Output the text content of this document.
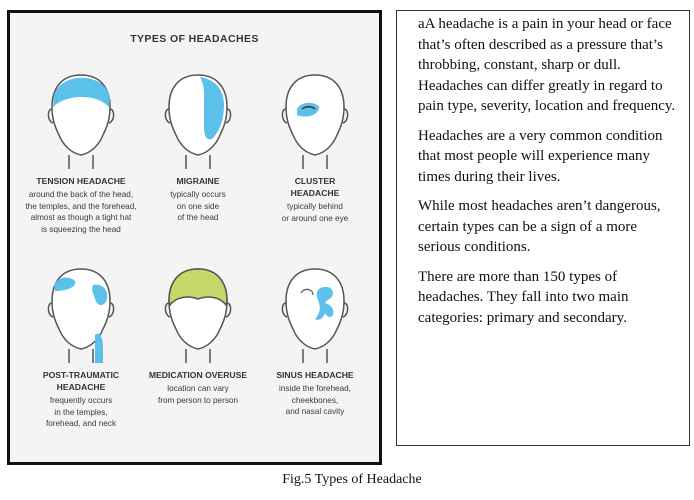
TYPES OF HEADACHES
TENSION HEADACHE
around the back of the head,
the temples, and the forehead,
almost as though a tight hat
is squeezing the head
MIGRAINE
typically occurs
on one side
of the head
CLUSTER
HEADACHE
typically behind
or around one eye
POST-TRAUMATIC
HEADACHE
frequently occurs
in the temples,
forehead, and neck
MEDICATION OVERUSE
location can vary
from person to person
SINUS HEADACHE
inside the forehead,
cheekbones,
and nasal cavity
Fig.5 Types of Headache

aA headache is a pain in your head or face that’s often described as a pressure that’s throbbing, constant, sharp or dull. Headaches can differ greatly in regard to pain type, severity, location and frequency.

Headaches are a very common condition that most people will experience many times during their lives.

While most headaches aren’t dangerous, certain types can be a sign of a more serious conditions.

There are more than 150 types of headaches. They fall into two main categories: primary and secondary.
